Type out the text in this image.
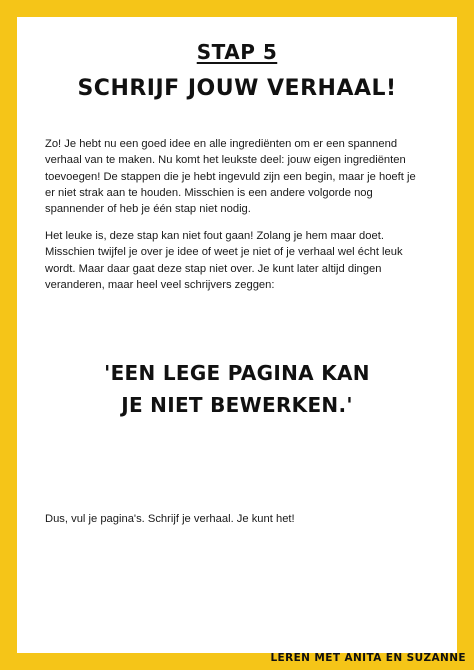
STAP 5
SCHRIJF JOUW VERHAAL!

Zo! Je hebt nu een goed idee en alle ingrediënten om er een spannend verhaal van te maken. Nu komt het leukste deel: jouw eigen ingrediënten toevoegen! De stappen die je hebt ingevuld zijn een begin, maar je hoeft je er niet strak aan te houden. Misschien is een andere volgorde nog spannender of heb je één stap niet nodig.

Het leuke is, deze stap kan niet fout gaan! Zolang je hem maar doet. Misschien twijfel je over je idee of weet je niet of je verhaal wel écht leuk wordt. Maar daar gaat deze stap niet over. Je kunt later altijd dingen veranderen, maar heel veel schrijvers zeggen:

'EEN LEGE PAGINA KAN
JE NIET BEWERKEN.'

Dus, vul je pagina's. Schrijf je verhaal. Je kunt het!

LEREN MET ANITA EN SUZANNE
